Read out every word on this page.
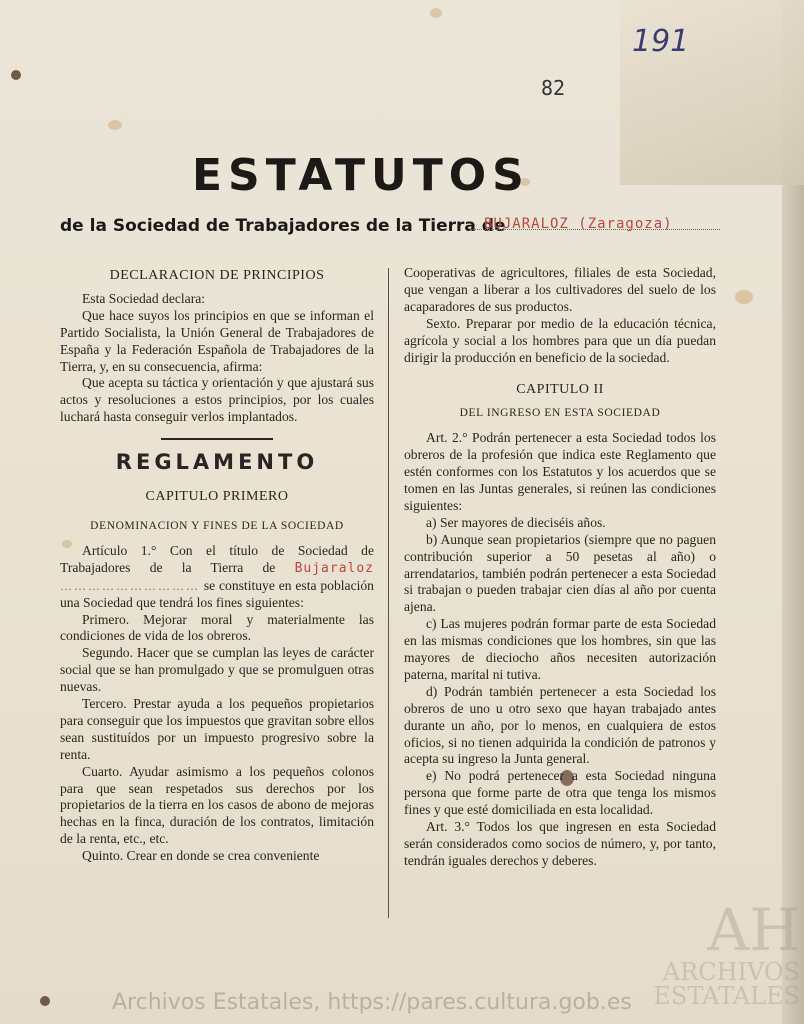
191
82
ESTATUTOS
de la Sociedad de Trabajadores de la Tierra de
BUJARALOZ (Zaragoza)
DECLARACION DE PRINCIPIOS

Esta Sociedad declara:

Que hace suyos los principios en que se informan el Partido Socialista, la Unión General de Trabajadores de España y la Federación Española de Trabajadores de la Tierra, y, en su consecuencia, afirma:

Que acepta su táctica y orientación y que ajustará sus actos y resoluciones a estos principios, por los cuales luchará hasta conseguir verlos implantados.

REGLAMENTO
CAPITULO PRIMERO
DENOMINACION Y FINES DE LA SOCIEDAD

Artículo 1.° Con el título de Sociedad de Trabajadores de la Tierra de Bujaraloz ………………………… se constituye en esta población una Sociedad que tendrá los fines siguientes:

Primero. Mejorar moral y materialmente las condiciones de vida de los obreros.

Segundo. Hacer que se cumplan las leyes de carácter social que se han promulgado y que se promulguen otras nuevas.

Tercero. Prestar ayuda a los pequeños propietarios para conseguir que los impuestos que gravitan sobre ellos sean sustituídos por un impuesto progresivo sobre la renta.

Cuarto. Ayudar asimismo a los pequeños colonos para que sean respetados sus derechos por los propietarios de la tierra en los casos de abono de mejoras hechas en la finca, duración de los contratos, limitación de la renta, etc., etc.

Quinto. Crear en donde se crea conveniente

Cooperativas de agricultores, filiales de esta Sociedad, que vengan a liberar a los cultivadores del suelo de los acaparadores de sus productos.

Sexto. Preparar por medio de la educación técnica, agrícola y social a los hombres para que un día puedan dirigir la producción en beneficio de la sociedad.

CAPITULO II
DEL INGRESO EN ESTA SOCIEDAD

Art. 2.° Podrán pertenecer a esta Sociedad todos los obreros de la profesión que indica este Reglamento que estén conformes con los Estatutos y los acuerdos que se tomen en las Juntas generales, si reúnen las condiciones siguientes:

a) Ser mayores de dieciséis años.

b) Aunque sean propietarios (siempre que no paguen contribución superior a 50 pesetas al año) o arrendatarios, también podrán pertenecer a esta Sociedad si trabajan o pueden trabajar cien días al año por cuenta ajena.

c) Las mujeres podrán formar parte de esta Sociedad en las mismas condiciones que los hombres, sin que las mayores de dieciocho años necesiten autorización paterna, marital ni tutiva.

d) Podrán también pertenecer a esta Sociedad los obreros de uno u otro sexo que hayan trabajado antes durante un año, por lo menos, en cualquiera de estos oficios, si no tienen adquirida la condición de patronos y acepta su ingreso la Junta general.

e) No podrá pertenecer a esta Sociedad ninguna persona que forme parte de otra que tenga los mismos fines y que esté domiciliada en esta localidad.

Art. 3.° Todos los que ingresen en esta Sociedad serán considerados como socios de número, y, por tanto, tendrán iguales derechos y deberes.

Archivos Estatales, https://pares.cultura.gob.es
AH
ARCHIVOS
ESTATALES
